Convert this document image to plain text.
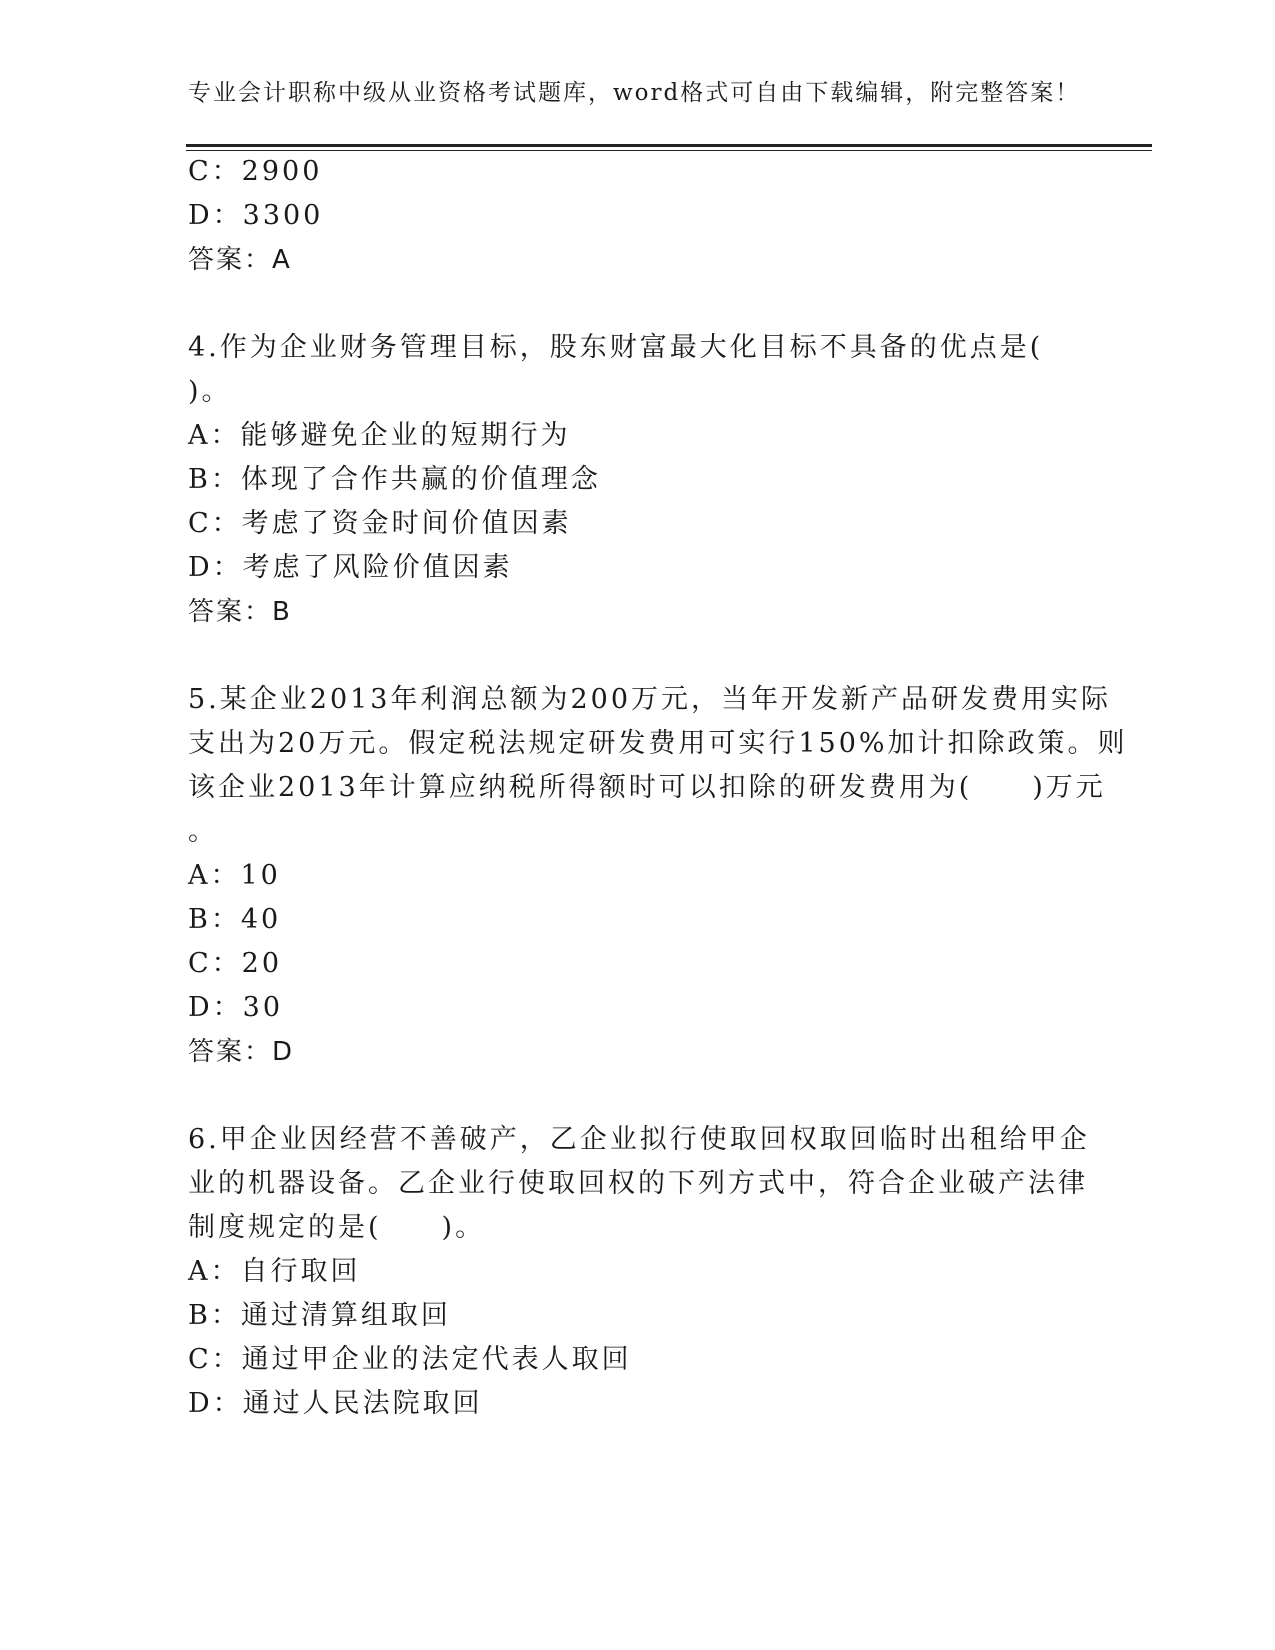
专业会计职称中级从业资格考试题库，word格式可自由下载编辑，附完整答案！
C：2900
D：3300
答案：A
4.作为企业财务管理目标，股东财富最大化目标不具备的优点是(
)。
A：能够避免企业的短期行为
B：体现了合作共赢的价值理念
C：考虑了资金时间价值因素
D：考虑了风险价值因素
答案：B
5.某企业2013年利润总额为200万元，当年开发新产品研发费用实际
支出为20万元。假定税法规定研发费用可实行150%加计扣除政策。则
该企业2013年计算应纳税所得额时可以扣除的研发费用为(　　)万元
。
A：10
B：40
C：20
D：30
答案：D
6.甲企业因经营不善破产，乙企业拟行使取回权取回临时出租给甲企
业的机器设备。乙企业行使取回权的下列方式中，符合企业破产法律
制度规定的是(　　)。
A：自行取回
B：通过清算组取回
C：通过甲企业的法定代表人取回
D：通过人民法院取回
